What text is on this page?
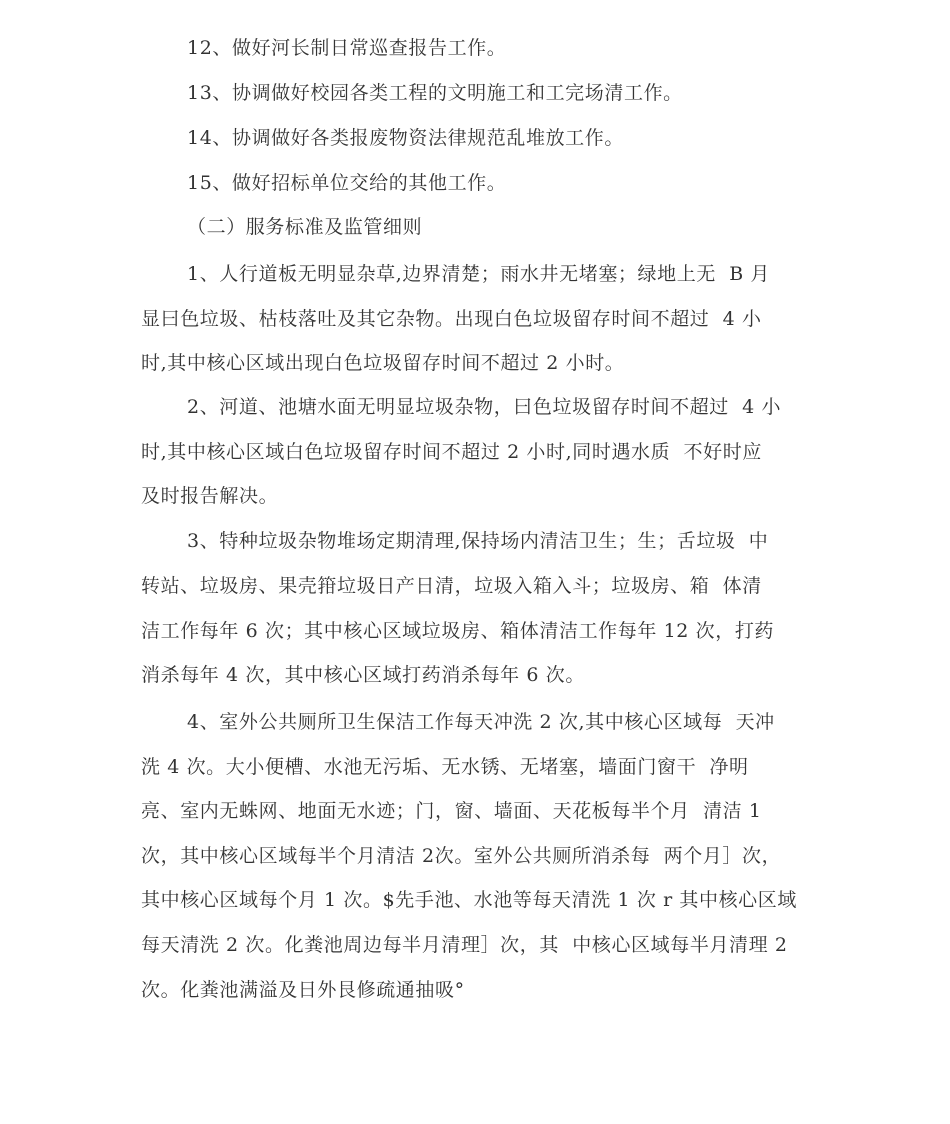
12、做好河长制日常巡查报告工作。
13、协调做好校园各类工程的文明施工和工完场清工作。
14、协调做好各类报废物资法律规范乱堆放工作。
15、做好招标单位交给的其他工作。
（二）服务标准及监管细则
1、人行道板无明显杂草,边界清楚；雨水井无堵塞；绿地上无  B 月
显曰色垃圾、枯枝落吐及其它杂物。出现白色垃圾留存时间不超过  4 小
时,其中核心区域出现白色垃圾留存时间不超过 2 小时。
2、河道、池塘水面无明显垃圾杂物，曰色垃圾留存时间不超过  4 小
时,其中核心区域白色垃圾留存时间不超过 2 小时,同时遇水质  不好时应
及时报告解决。
3、特种垃圾杂物堆场定期清理,保持场内清洁卫生；生；舌垃圾  中
转站、垃圾房、果壳箝垃圾日产日清，垃圾入箱入斗；垃圾房、箱  体清
洁工作每年 6 次；其中核心区域垃圾房、箱体清洁工作每年 12 次，打药
消杀每年 4 次，其中核心区域打药消杀每年 6 次。
4、室外公共厕所卫生保洁工作每天冲洗 2 次,其中核心区域每  天冲
洗 4 次。大小便槽、水池无污垢、无水锈、无堵塞，墙面门窗干  净明
亮、室内无蛛网、地面无水迹；门，窗、墙面、天花板每半个月  清洁 1
次，其中核心区域每半个月清洁 2次。室外公共厕所消杀每  两个月］次，
其中核心区域每个月 1 次。$先手池、水池等每天清洗 1 次 r 其中核心区域
每天清洗 2 次。化粪池周边每半月清理］次，其  中核心区域每半月清理 2
次。化粪池满溢及日外艮修疏通抽吸°
